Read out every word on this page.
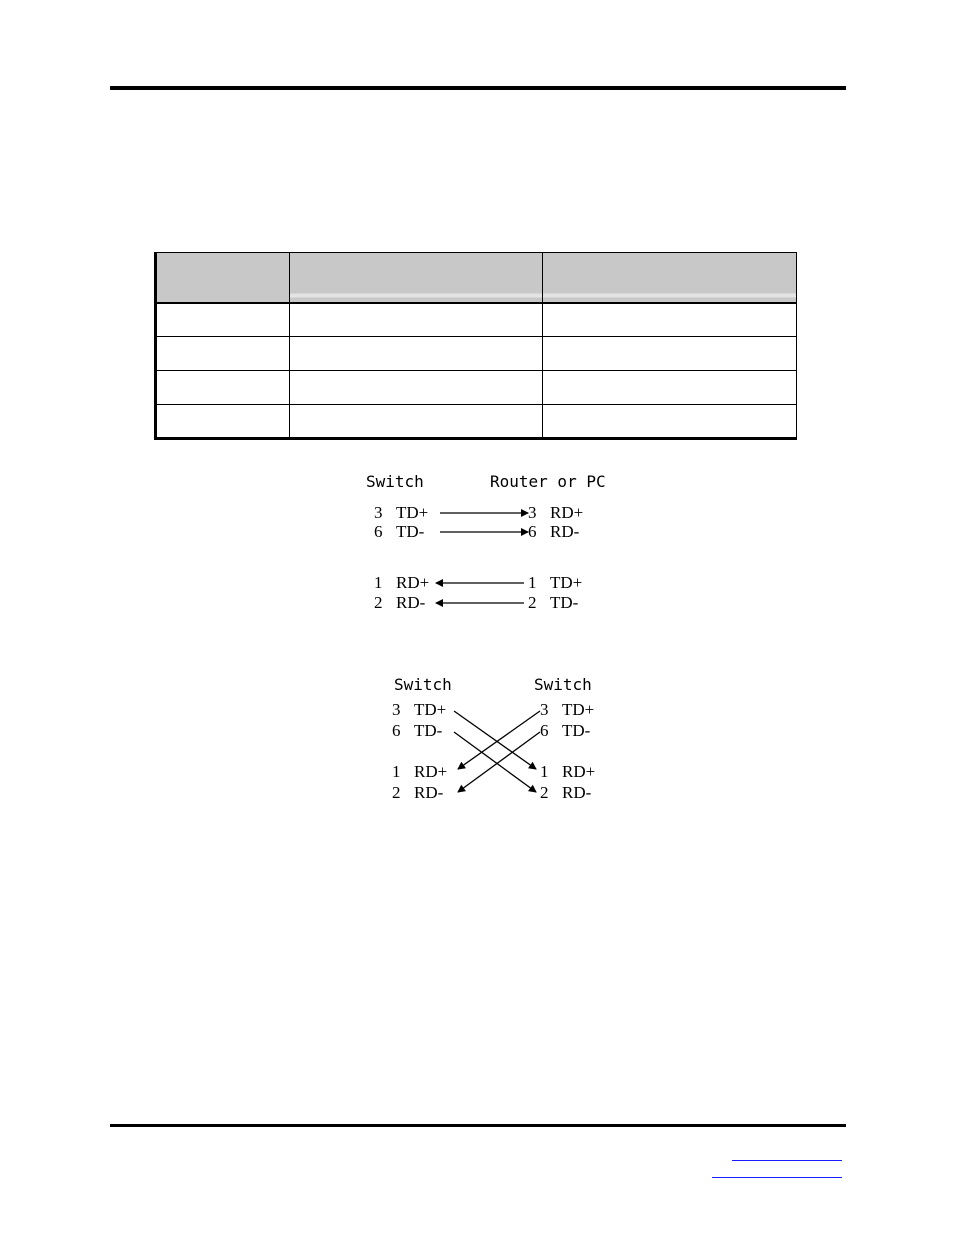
Switch	Router or PC
3 TD+	3 RD+
6 TD-	6 RD-
1 RD+	1 TD+
2 RD-	2 TD-
Switch	Switch
3 TD+	3 TD+
6 TD-	6 TD-
1 RD+	1 RD+
2 RD-	2 RD-
